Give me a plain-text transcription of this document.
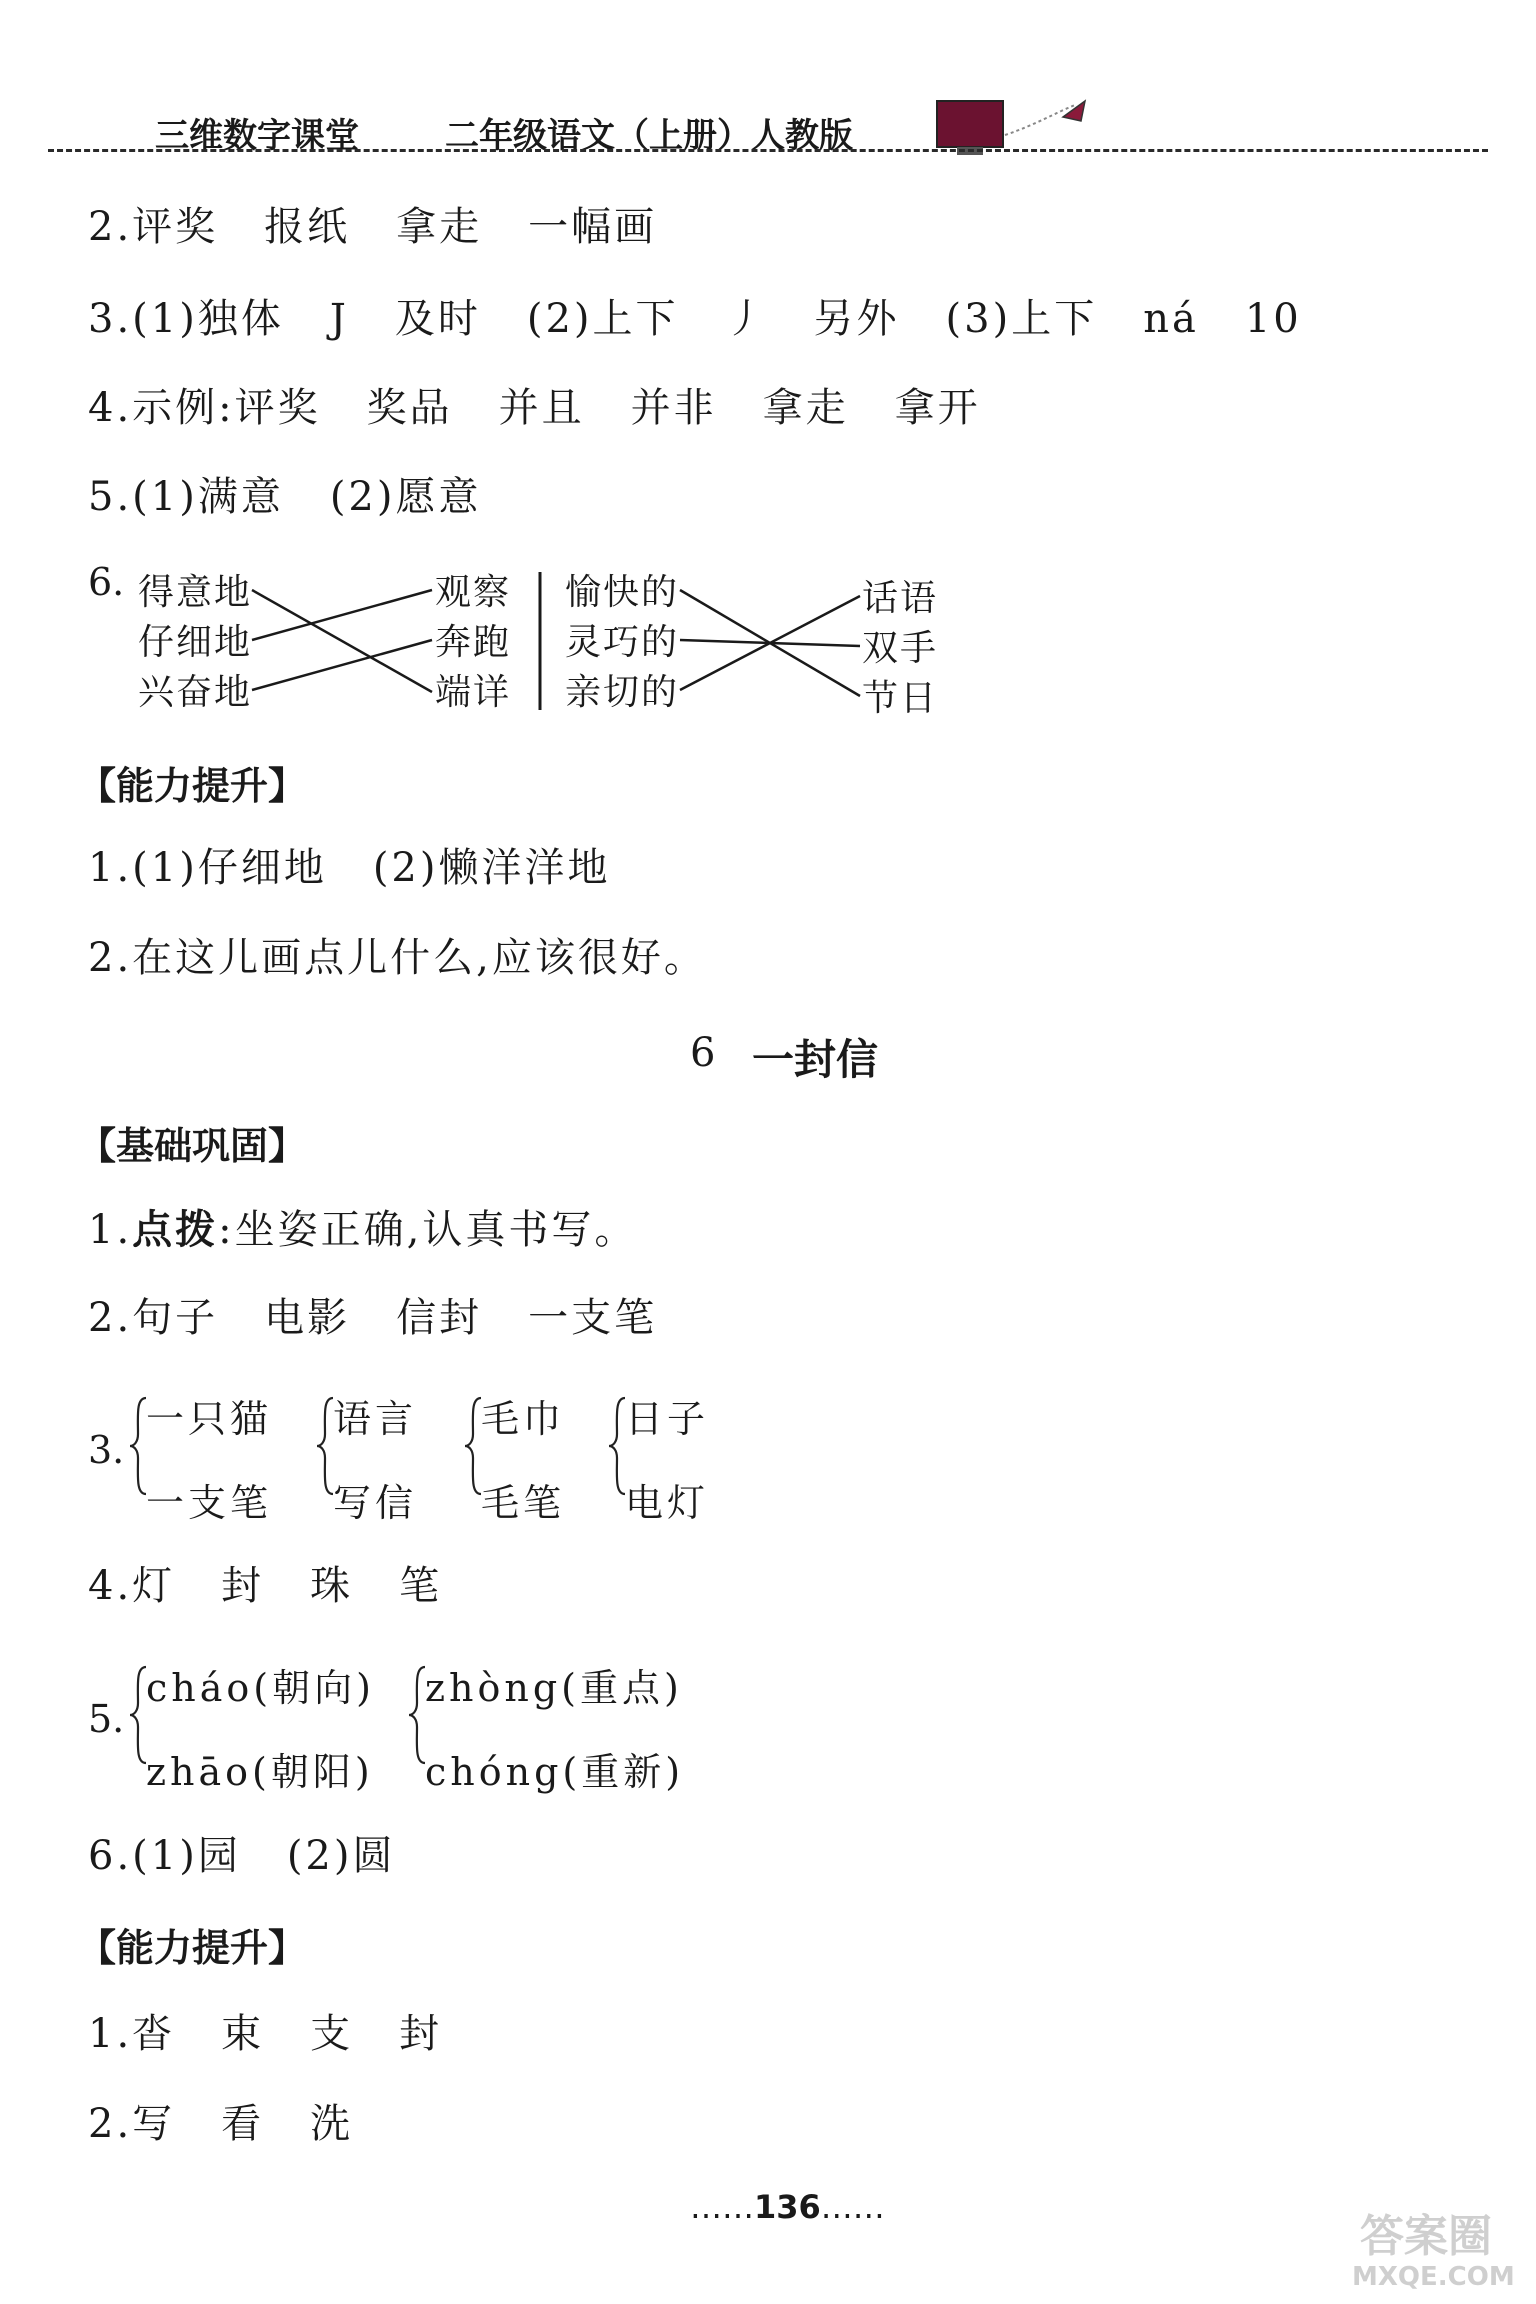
三维数字课堂	二年级语文（上册）人教版
2.评奖 报纸 拿走 一幅画
3.(1)独体 J 及时 (2)上下 丿 另外 (3)上下 ná 10
4.示例:评奖 奖品 并且 并非 拿走 拿开
5.(1)满意 (2)愿意
6. 得意地
仔细地
兴奋地
观察
奔跑
端详
愉快的
灵巧的
亲切的
话语
双手
节日
【能力提升】
1.(1)仔细地 (2)懒洋洋地
2.在这儿画点儿什么,应该很好。
6 一封信
【基础巩固】
1.点拨:坐姿正确,认真书写。
2.句子 电影 信封 一支笔
3.
一只猫
一支笔
语言
写信
毛巾
毛笔
日子
电灯
4.灯 封 珠 笔
5.
cháo(朝向)
zhāo(朝阳)
zhòng(重点)
chóng(重新)
6.(1)园 (2)圆
【能力提升】
1.沓 束 支 封
2.写 看 洗
……136……
答案圈
MXQE.COM
